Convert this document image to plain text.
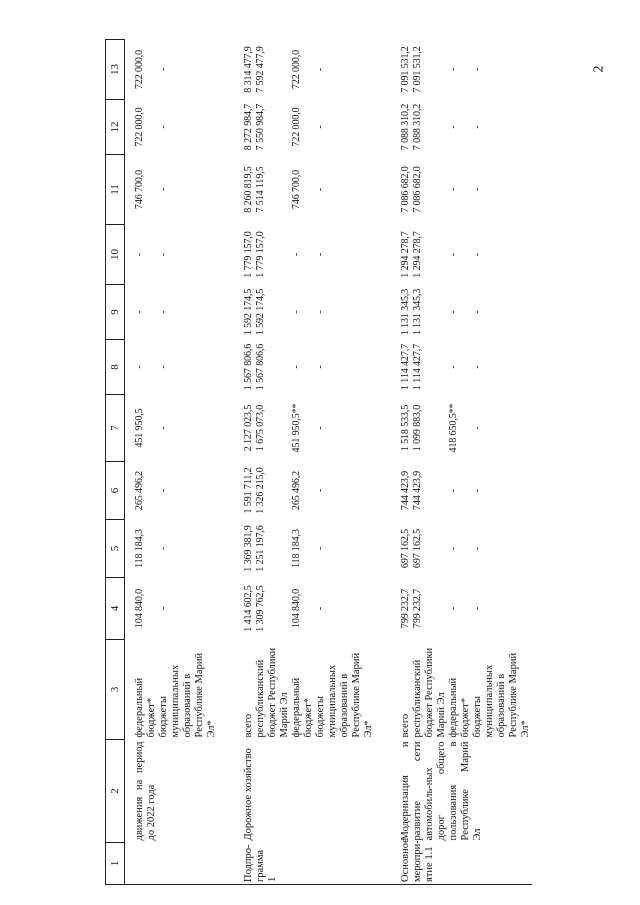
2
1	2	3	4	5	6	7	8	9	10	11	12	13
	движения на период до 2022 года	федеральный бюджет*	104 840,0	118 184,3	265 496,2	451 950,5	-	-	-	746 700,0	722 000,0	722 000,0
		бюджеты муниципальных образований в Республике Марий Эл*	-	-	-	-	-	-	-	-	-	-
Подпро-грамма 1	Дорожное хозяйство	всего	1 414 602,5	1 369 381,9	1 591 711,2	2 127 023,5	1 567 806,6	1 592 174,5	1 779 157,0	8 260 819,5	8 272 984,7	8 314 477,9
		республиканский бюджет Республики Марий Эл	1 309 762,5	1 251 197,6	1 326 215,0	1 675 073,0	1 567 806,6	1 592 174,5	1 779 157,0	7 514 119,5	7 550 984,7	7 592 477,9
		федеральный бюджет*	104 840,0	118 184,3	265 496,2	451 950,5**	-	-	-	746 700,0	722 000,0	722 000,0
		бюджеты муниципальных образований в Республике Марий Эл*	-	-	-	-	-	-	-	-	-	-
Основное меропри-ятие 1.1	Модернизация и развитие сети автомобиль-ных дорог общего пользования в Республике Марий Эл	всего	799 232,7	697 162,5	744 423,9	1 518 533,5	1 114 427,7	1 131 345,3	1 294 278,7	7 086 682,0	7 088 310,2	7 091 531,2
		республиканский бюджет Республики Марий Эл	799 232,7	697 162,5	744 423,9	1 099 883,0	1 114 427,7	1 131 345,3	1 294 278,7	7 086 682,0	7 088 310,2	7 091 531,2
		федеральный бюджет*	-	-	-	418 650,5**	-	-	-	-	-	-
		бюджеты муниципальных образований в Республике Марий Эл*	-	-	-	-	-	-	-	-	-	-
